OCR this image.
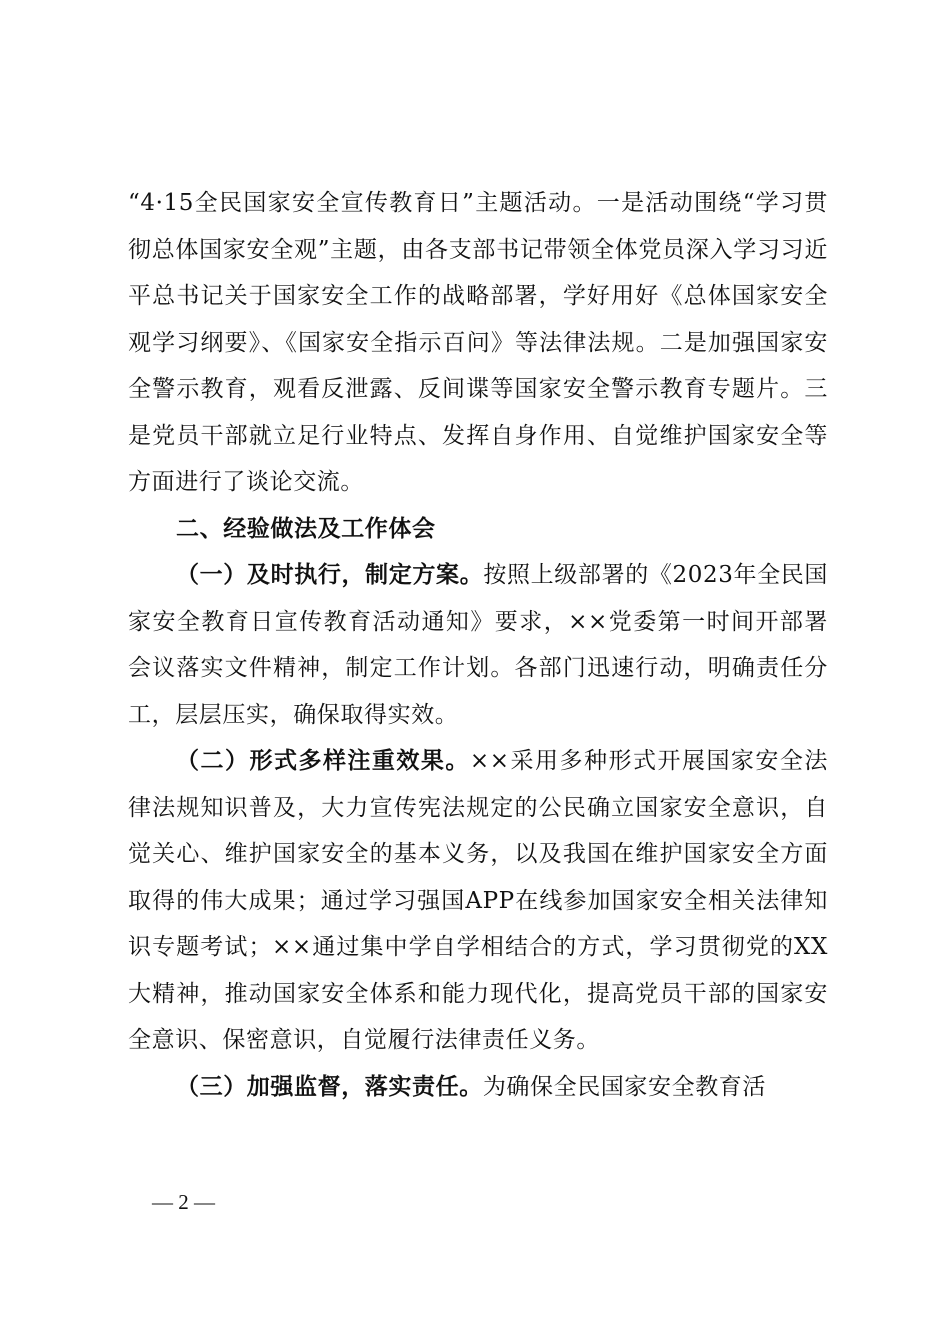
“4·15全民国家安全宣传教育日”主题活动。一是活动围绕“学习贯彻总体国家安全观”主题，由各支部书记带领全体党员深入学习习近平总书记关于国家安全工作的战略部署，学好用好《总体国家安全观学习纲要》、《国家安全指示百问》等法律法规。二是加强国家安全警示教育，观看反泄露、反间谍等国家安全警示教育专题片。三是党员干部就立足行业特点、发挥自身作用、自觉维护国家安全等方面进行了谈论交流。

二、经验做法及工作体会

（一）及时执行，制定方案。按照上级部署的《2023年全民国家安全教育日宣传教育活动通知》要求，××党委第一时间开部署会议落实文件精神，制定工作计划。各部门迅速行动，明确责任分工，层层压实，确保取得实效。

（二）形式多样注重效果。××采用多种形式开展国家安全法律法规知识普及，大力宣传宪法规定的公民确立国家安全意识，自觉关心、维护国家安全的基本义务，以及我国在维护国家安全方面取得的伟大成果；通过学习强国APP在线参加国家安全相关法律知识专题考试；××通过集中学自学相结合的方式，学习贯彻党的XX大精神，推动国家安全体系和能力现代化，提高党员干部的国家安全意识、保密意识，自觉履行法律责任义务。

（三）加强监督，落实责任。为确保全民国家安全教育活

— 2 —
